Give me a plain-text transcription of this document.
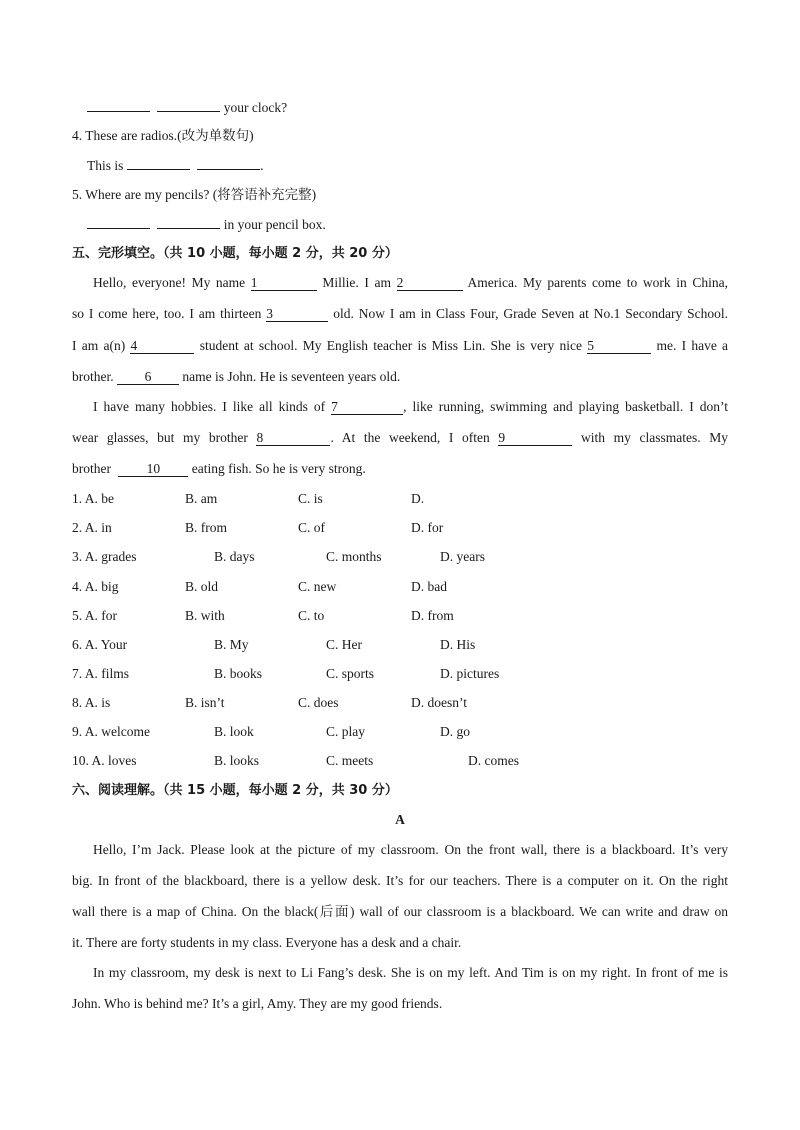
your clock?
4. These are radios.(改为单数句)
This is	.
5. Where are my pencils? (将答语补充完整)
in your pencil box.
五、完形填空。（共 10 小题，每小题 2 分，共 20 分）
Hello, everyone! My name 1	Millie. I am 2	America. My parents come to work in China,
so I come here, too. I am thirteen 3	old. Now I am in Class Four, Grade Seven at No.1 Secondary School.
I am a(n) 4	student at school. My English teacher is Miss Lin. She is very nice 5	me. I have a
brother. 6 name is John. He is seventeen years old.
I have many hobbies. I like all kinds of 7	, like running, swimming and playing basketball. I don’t
wear glasses, but my brother 8	. At the weekend, I often 9	with my classmates. My
brother	10 eating fish. So he is very strong.
1. A. be	B. am	C. is	D.
2. A. in	B. from	C. of	D. for
3. A. grades	B. days	C. months	D. years
4. A. big	B. old	C. new	D. bad
5. A. for	B. with	C. to	D. from
6. A. Your	B. My	C. Her	D. His
7. A. films	B. books	C. sports	D. pictures
8. A. is	B. isn’t	C. does	D. doesn’t
9. A. welcome	B. look	C. play	D. go
10. A. loves	B. looks	C. meets	D. comes
六、阅读理解。（共 15 小题，每小题 2 分，共 30 分）
A
Hello, I’m Jack. Please look at the picture of my classroom. On the front wall, there is a blackboard. It’s very
big. In front of the blackboard, there is a yellow desk. It’s for our teachers. There is a computer on it. On the right
wall there is a map of China. On the black(后面) wall of our classroom is a blackboard. We can write and draw on
it. There are forty students in my class. Everyone has a desk and a chair.
In my classroom, my desk is next to Li Fang’s desk. She is on my left. And Tim is on my right. In front of me is
John. Who is behind me? It’s a girl, Amy. They are my good friends.
